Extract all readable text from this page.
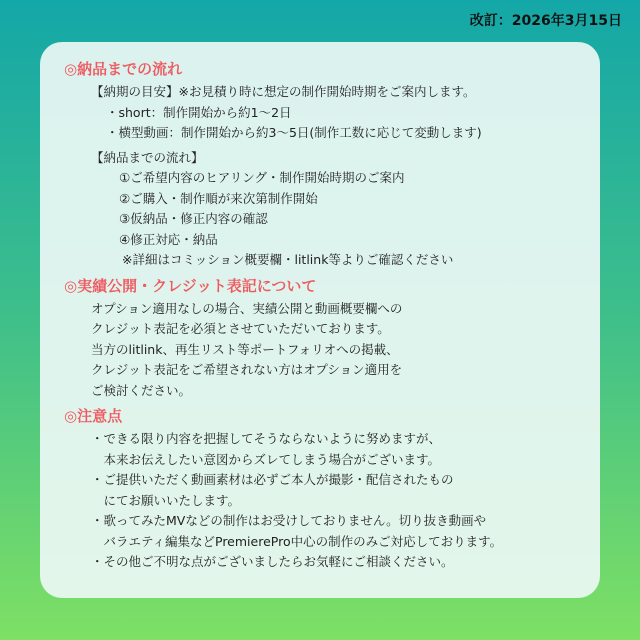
改訂：2026年3月15日
◎納品までの流れ
【納期の目安】※お見積り時に想定の制作開始時期をご案内します。
・short：制作開始から約1～2日
・横型動画：制作開始から約3～5日(制作工数に応じて変動します)
【納品までの流れ】
①ご希望内容のヒアリング・制作開始時期のご案内
②ご購入・制作順が来次第制作開始
③仮納品・修正内容の確認
④修正対応・納品
※詳細はコミッション概要欄・litlink等よりご確認ください
◎実績公開・クレジット表記について
オプション適用なしの場合、実績公開と動画概要欄への
クレジット表記を必須とさせていただいております。
当方のlitlink、再生リスト等ポートフォリオへの掲載、
クレジット表記をご希望されない方はオプション適用を
ご検討ください。
◎注意点
・できる限り内容を把握してそうならないように努めますが、
　本来お伝えしたい意図からズレてしまう場合がございます。
・ご提供いただく動画素材は必ずご本人が撮影・配信されたもの
　にてお願いいたします。
・歌ってみたMVなどの制作はお受けしておりません。切り抜き動画や
　バラエティ編集などPremierePro中心の制作のみご対応しております。
・その他ご不明な点がございましたらお気軽にご相談ください。
